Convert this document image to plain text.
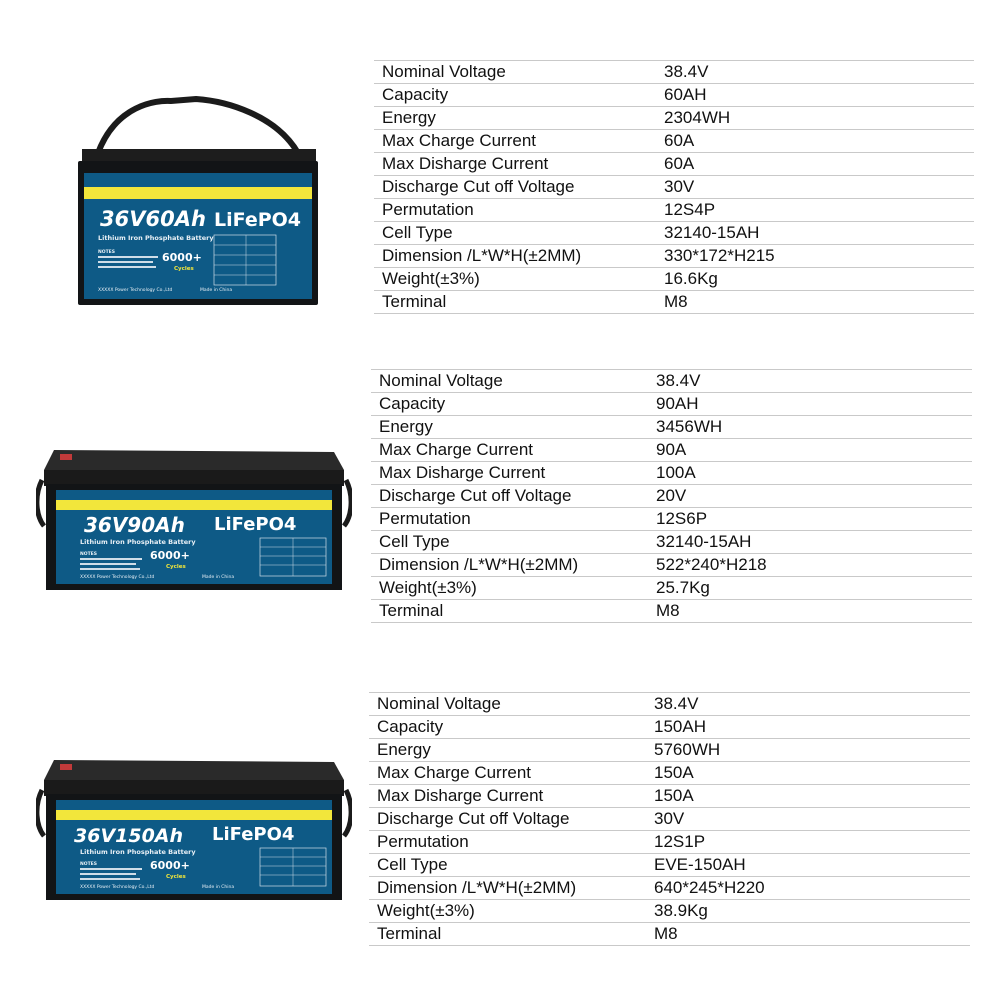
36V60Ah LiFePO4
Lithium Iron Phosphate Battery
NOTES	6000+
Cycles
XXXXX Power Technology Co.,Ltd	Made in China
Nominal Voltage	38.4V
Capacity	60AH
Energy	2304WH
Max Charge Current	60A
Max Disharge Current	60A
Discharge Cut off Voltage	30V
Permutation	12S4P
Cell Type	32140-15AH
Dimension /L*W*H(±2MM)	330*172*H215
Weight(±3%)	16.6Kg
Terminal	M8
36V90Ah LiFePO4
Lithium Iron Phosphate Battery
NOTES	6000+
Cycles
XXXXX Power Technology Co.,Ltd	Made in China
Nominal Voltage	38.4V
Capacity	90AH
Energy	3456WH
Max Charge Current	90A
Max Disharge Current	100A
Discharge Cut off Voltage	20V
Permutation	12S6P
Cell Type	32140-15AH
Dimension /L*W*H(±2MM)	522*240*H218
Weight(±3%)	25.7Kg
Terminal	M8
36V150Ah LiFePO4
Lithium Iron Phosphate Battery
NOTES	6000+
Cycles
XXXXX Power Technology Co.,Ltd	Made in China
Nominal Voltage	38.4V
Capacity	150AH
Energy	5760WH
Max Charge Current	150A
Max Disharge Current	150A
Discharge Cut off Voltage	30V
Permutation	12S1P
Cell Type	EVE-150AH
Dimension /L*W*H(±2MM)	640*245*H220
Weight(±3%)	38.9Kg
Terminal	M8
